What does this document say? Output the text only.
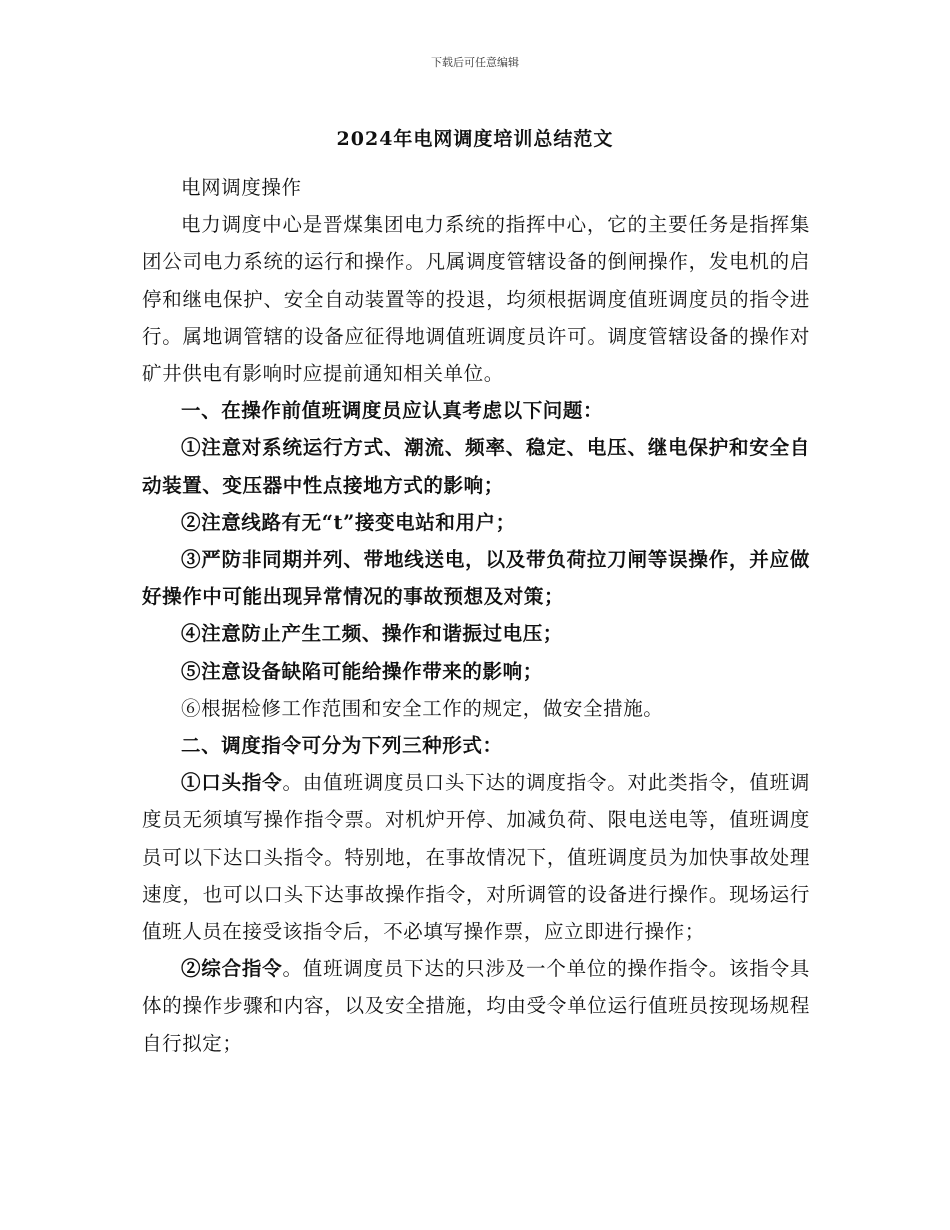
下载后可任意编辑
2024年电网调度培训总结范文

电网调度操作

电力调度中心是晋煤集团电力系统的指挥中心，它的主要任务是指挥集团公司电力系统的运行和操作。凡属调度管辖设备的倒闸操作，发电机的启停和继电保护、安全自动装置等的投退，均须根据调度值班调度员的指令进行。属地调管辖的设备应征得地调值班调度员许可。调度管辖设备的操作对矿井供电有影响时应提前通知相关单位。

一、在操作前值班调度员应认真考虑以下问题：

①注意对系统运行方式、潮流、频率、稳定、电压、继电保护和安全自动装置、变压器中性点接地方式的影响；

②注意线路有无“t”接变电站和用户；

③严防非同期并列、带地线送电，以及带负荷拉刀闸等误操作，并应做好操作中可能出现异常情况的事故预想及对策；

④注意防止产生工频、操作和谐振过电压；

⑤注意设备缺陷可能给操作带来的影响；

⑥根据检修工作范围和安全工作的规定，做安全措施。

二、调度指令可分为下列三种形式：

①口头指令。由值班调度员口头下达的调度指令。对此类指令，值班调度员无须填写操作指令票。对机炉开停、加减负荷、限电送电等，值班调度员可以下达口头指令。特别地，在事故情况下，值班调度员为加快事故处理速度，也可以口头下达事故操作指令，对所调管的设备进行操作。现场运行值班人员在接受该指令后，不必填写操作票，应立即进行操作；

②综合指令。值班调度员下达的只涉及一个单位的操作指令。该指令具体的操作步骤和内容，以及安全措施，均由受令单位运行值班员按现场规程自行拟定；
